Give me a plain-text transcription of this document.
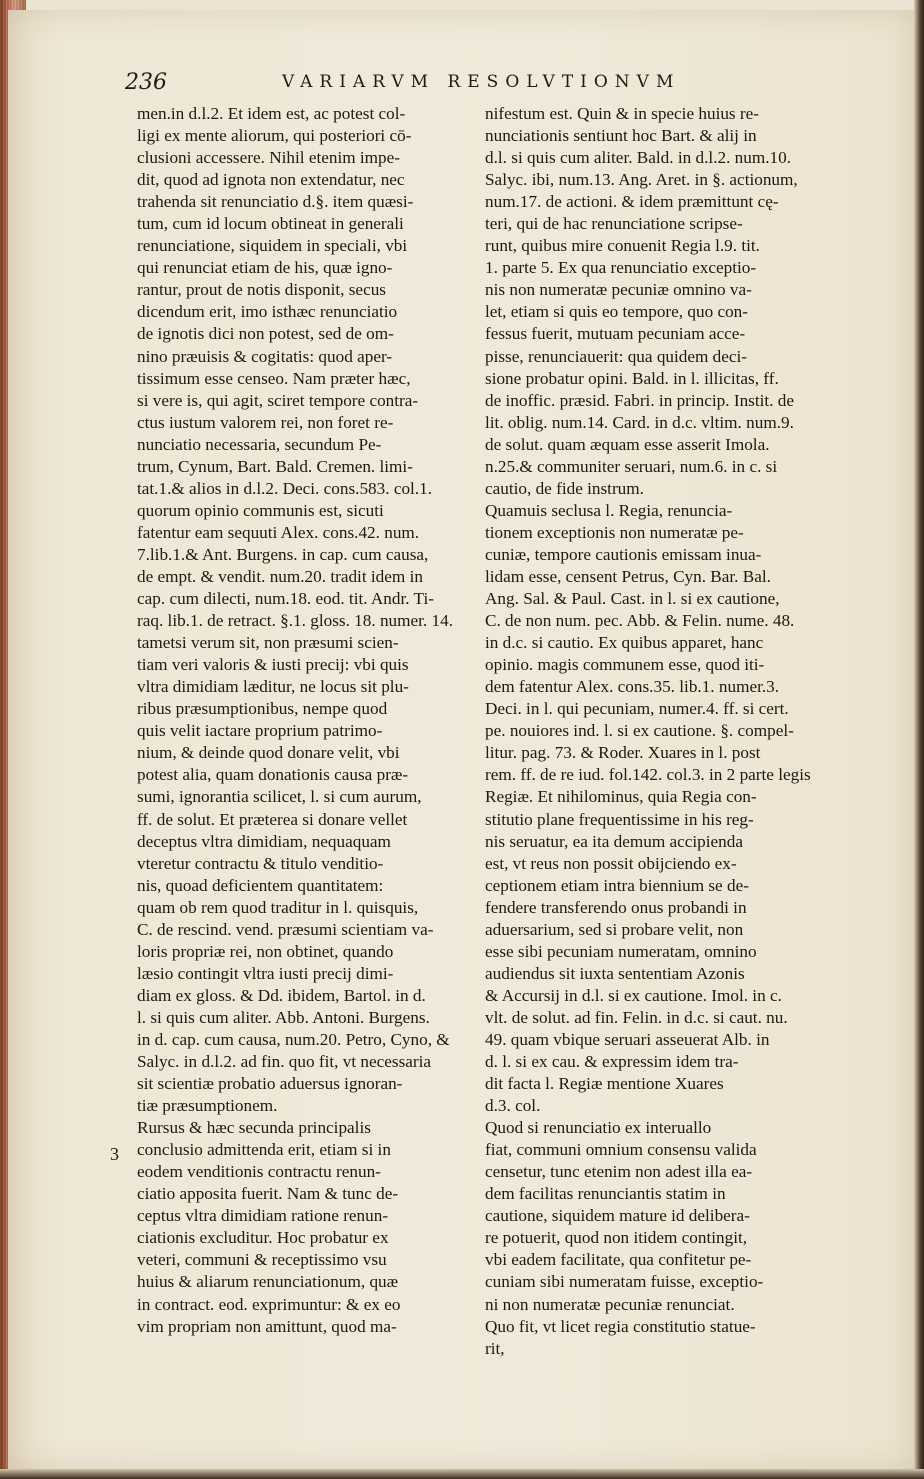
236	VARIARVM RESOLVTIONVM
3
men.in d.l.2. Et idem est, ac potest col-
ligi ex mente aliorum, qui posteriori cō-
clusioni accessere. Nihil etenim impe-
dit, quod ad ignota non extendatur, nec
trahenda sit renunciatio d.§. item quæsi-
tum, cum id locum obtineat in generali
renunciatione, siquidem in speciali, vbi
qui renunciat etiam de his, quæ igno-
rantur, prout de notis disponit, secus
dicendum erit, imo isthæc renunciatio
de ignotis dici non potest, sed de om-
nino præuisis & cogitatis: quod aper-
tissimum esse censeo. Nam præter hæc,
si vere is, qui agit, sciret tempore contra-
ctus iustum valorem rei, non foret re-
nunciatio necessaria, secundum Pe-
trum, Cynum, Bart. Bald. Cremen. limi-
tat.1.& alios in d.l.2. Deci. cons.583. col.1.
quorum opinio communis est, sicuti
fatentur eam sequuti Alex. cons.42. num.
7.lib.1.& Ant. Burgens. in cap. cum causa,
de empt. & vendit. num.20. tradit idem in
cap. cum dilecti, num.18. eod. tit. Andr. Ti-
raq. lib.1. de retract. §.1. gloss. 18. numer. 14.
tametsi verum sit, non præsumi scien-
tiam veri valoris & iusti precij: vbi quis
vltra dimidiam læditur, ne locus sit plu-
ribus præsumptionibus, nempe quod
quis velit iactare proprium patrimo-
nium, & deinde quod donare velit, vbi
potest alia, quam donationis causa præ-
sumi, ignorantia scilicet, l. si cum aurum,
ff. de solut. Et præterea si donare vellet
deceptus vltra dimidiam, nequaquam
vteretur contractu & titulo venditio-
nis, quoad deficientem quantitatem:
quam ob rem quod traditur in l. quisquis,
C. de rescind. vend. præsumi scientiam va-
loris propriæ rei, non obtinet, quando
læsio contingit vltra iusti precij dimi-
diam ex gloss. & Dd. ibidem, Bartol. in d.
l. si quis cum aliter. Abb. Antoni. Burgens.
in d. cap. cum causa, num.20. Petro, Cyno, &
Salyc. in d.l.2. ad fin. quo fit, vt necessaria
sit scientiæ probatio aduersus ignoran-
tiæ præsumptionem.
Rursus & hæc secunda principalis
conclusio admittenda erit, etiam si in
eodem venditionis contractu renun-
ciatio apposita fuerit. Nam & tunc de-
ceptus vltra dimidiam ratione renun-
ciationis excluditur. Hoc probatur ex
veteri, communi & receptissimo vsu
huius & aliarum renunciationum, quæ
in contract. eod. exprimuntur: & ex eo
vim propriam non amittunt, quod ma-
nifestum est. Quin & in specie huius re-
nunciationis sentiunt hoc Bart. & alij in
d.l. si quis cum aliter. Bald. in d.l.2. num.10.
Salyc. ibi, num.13. Ang. Aret. in §. actionum,
num.17. de actioni. & idem præmittunt cę-
teri, qui de hac renunciatione scripse-
runt, quibus mire conuenit Regia l.9. tit.
1. parte 5. Ex qua renunciatio exceptio-
nis non numeratæ pecuniæ omnino va-
let, etiam si quis eo tempore, quo con-
fessus fuerit, mutuam pecuniam acce-
pisse, renunciauerit: qua quidem deci-
sione probatur opini. Bald. in l. illicitas, ff.
de inoffic. præsid. Fabri. in princip. Instit. de
lit. oblig. num.14. Card. in d.c. vltim. num.9.
de solut. quam æquam esse asserit Imola.
n.25.& communiter seruari, num.6. in c. si
cautio, de fide instrum.
Quamuis seclusa l. Regia, renuncia-
tionem exceptionis non numeratæ pe-
cuniæ, tempore cautionis emissam inua-
lidam esse, censent Petrus, Cyn. Bar. Bal.
Ang. Sal. & Paul. Cast. in l. si ex cautione,
C. de non num. pec. Abb. & Felin. nume. 48.
in d.c. si cautio. Ex quibus apparet, hanc
opinio. magis communem esse, quod iti-
dem fatentur Alex. cons.35. lib.1. numer.3.
Deci. in l. qui pecuniam, numer.4. ff. si cert.
pe. nouiores ind. l. si ex cautione. §. compel-
litur. pag. 73. & Roder. Xuares in l. post
rem. ff. de re iud. fol.142. col.3. in 2 parte legis
Regiæ. Et nihilominus, quia Regia con-
stitutio plane frequentissime in his reg-
nis seruatur, ea ita demum accipienda
est, vt reus non possit obijciendo ex-
ceptionem etiam intra biennium se de-
fendere transferendo onus probandi in
aduersarium, sed si probare velit, non
esse sibi pecuniam numeratam, omnino
audiendus sit iuxta sententiam Azonis
& Accursij in d.l. si ex cautione. Imol. in c.
vlt. de solut. ad fin. Felin. in d.c. si caut. nu.
49. quam vbique seruari asseuerat Alb. in
d. l. si ex cau. & expressim idem tra-
dit facta l. Regiæ mentione Xuares
d.3. col.
Quod si renunciatio ex interuallo
fiat, communi omnium consensu valida
censetur, tunc etenim non adest illa ea-
dem facilitas renunciantis statim in
cautione, siquidem mature id delibera-
re potuerit, quod non itidem contingit,
vbi eadem facilitate, qua confitetur pe-
cuniam sibi numeratam fuisse, exceptio-
ni non numeratæ pecuniæ renunciat.
Quo fit, vt licet regia constitutio statue-
rit,
